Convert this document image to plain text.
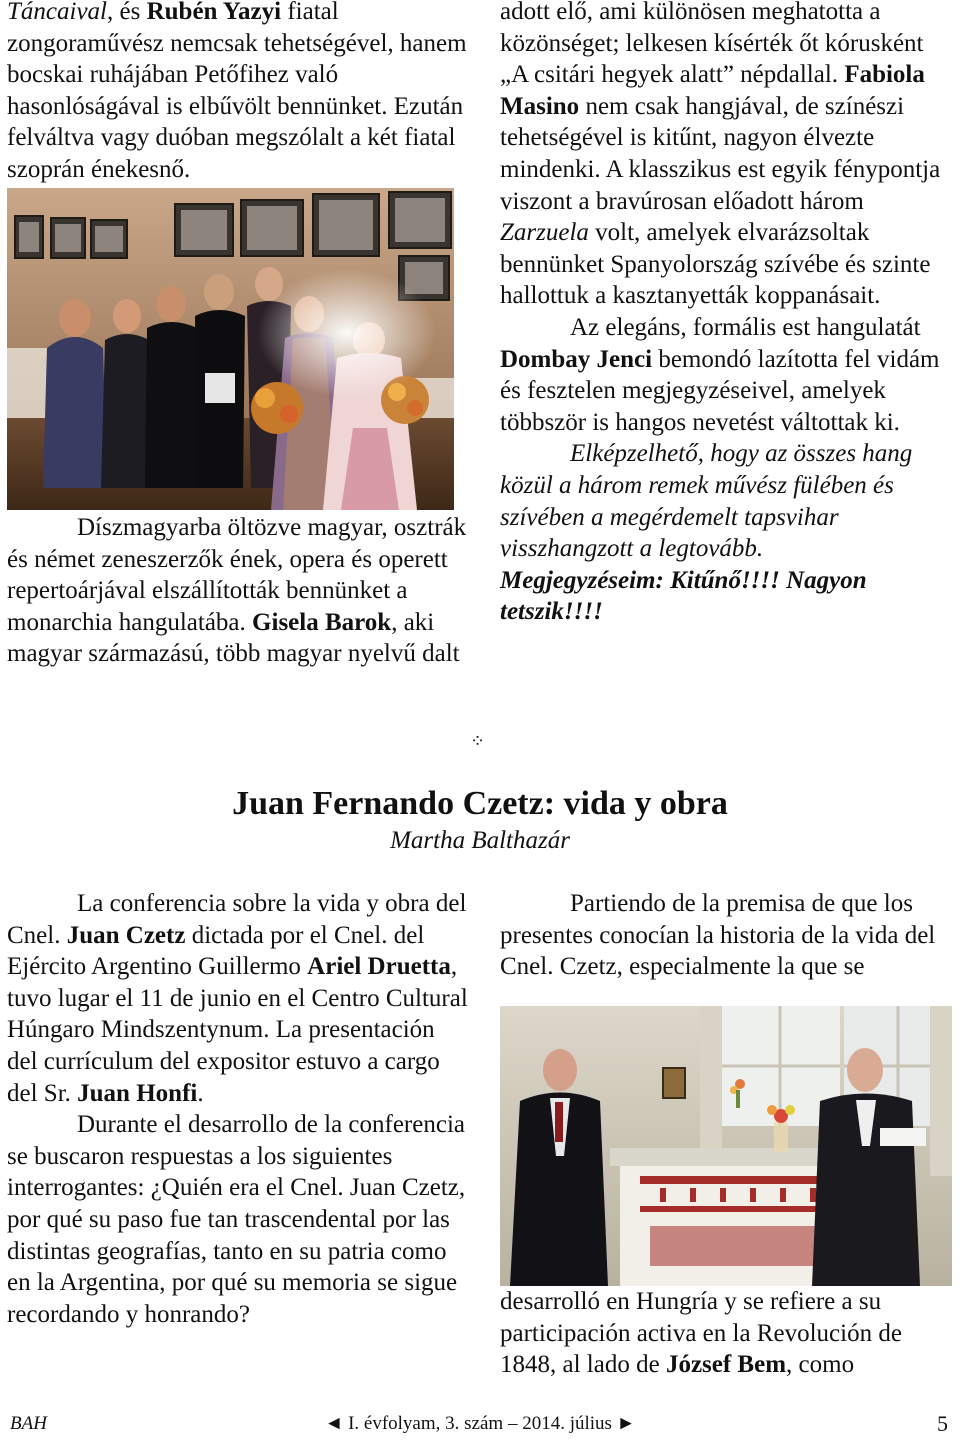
Táncaival, és Rubén Yazyi fiatal zongoraművész nemcsak tehetségével, hanem bocskai ruhájában Petőfihez való hasonlóságával is elbűvölt bennünket. Ezután felváltva vagy duóban megszólalt a két fiatal szoprán énekesnő.

Díszmagyarba öltözve magyar, osztrák és német zeneszerzők ének, opera és operett repertoárjával elszállították bennünket a monarchia hangulatába. Gisela Barok, aki magyar származású, több magyar nyelvű dalt

adott elő, ami különösen meghatotta a közönséget; lelkesen kísérték őt kórusként „A csitári hegyek alatt” népdallal. Fabiola Masino nem csak hangjával, de színészi tehetségével is kitűnt, nagyon élvezte mindenki. A klasszikus est egyik fénypontja viszont a bravúrosan előadott három Zarzuela volt, amelyek elvarázsoltak bennünket Spanyolország szívébe és szinte hallottuk a kasztanyetták koppanásait.

Az elegáns, formális est hangulatát Dombay Jenci bemondó lazította fel vidám és fesztelen megjegyzéseivel, amelyek többször is hangos nevetést váltottak ki.

Elképzelhető, hogy az összes hang közül a három remek művész fülében és szívében a megérdemelt tapsvihar visszhangzott a legtovább.

Megjegyzéseim: Kitűnő!!!! Nagyon tetszik!!!!

⁘
Juan Fernando Czetz: vida y obra
Martha Balthazár

La conferencia sobre la vida y obra del Cnel. Juan Czetz dictada por el Cnel. del Ejército Argentino Guillermo Ariel Druetta, tuvo lugar el 11 de junio en el Centro Cultural Húngaro Mindszentynum. La presentación del currículum del expositor estuvo a cargo del Sr. Juan Honfi.

Durante el desarrollo de la conferencia se buscaron respuestas a los siguientes interrogantes: ¿Quién era el Cnel. Juan Czetz, por qué su paso fue tan trascendental por las distintas geografías, tanto en su patria como en la Argentina, por qué su memoria se sigue recordando y honrando?

Partiendo de la premisa de que los presentes conocían la historia de la vida del Cnel. Czetz, especialmente la que se

desarrolló en Hungría y se refiere a su participación activa en la Revolución de 1848, al lado de József Bem, como

BAH	◄ I. évfolyam, 3. szám – 2014. július ►	5
